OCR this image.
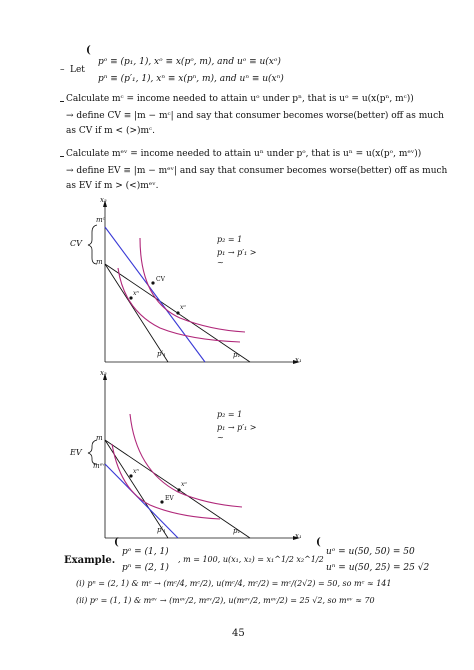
(
– Let
pᵒ ≡ (p₁, 1), xᵒ ≡ x(pᵒ, m), and uᵒ ≡ u(xᵒ)
pⁿ ≡ (p′₁, 1), xⁿ ≡ x(pⁿ, m), and uⁿ ≡ u(xⁿ)
Calculate mᶜ = income needed to attain uᵒ under pⁿ, that is uᵒ = u(x(pⁿ, mᶜ))
→ define CV ≡ |m − mᶜ| and say that consumer becomes worse(better) off as much
as CV if m < (>)mᶜ.
Calculate mᵉᵛ = income needed to attain uⁿ under pᵒ, that is uⁿ = u(x(pᵒ, mᵉᵛ))
→ define EV ≡ |m − mᵉᵛ| and say that consumer becomes worse(better) off as much
as EV if m > (<)mᵉᵛ.
x₂
x₁
mᶜ
m
CV
CV
xⁿ
xᵒ
p′₁	p₁
p₂ = 1
p₁ → p′₁ >
~
x₂
x₁
m
mᵉᵛ
EV
EV
xⁿ
xᵒ
p′₁	p₁
p₂ = 1
p₁ → p′₁ >
~
(	(
Example.
pᵒ = (1, 1)
pⁿ = (2, 1)
, m = 100, u(x₁, x₂) = x₁^1/2 x₂^1/2
uᵒ = u(50, 50) = 50
uⁿ = u(50, 25) = 25 √2
(i) pⁿ = (2, 1) & mᶜ → (mᶜ/4, mᶜ/2), u(mᶜ/4, mᶜ/2) = mᶜ/(2√2) = 50, so mᶜ ≈ 141
(ii) pᵒ = (1, 1) & mᵉᵛ → (mᵉᵛ/2, mᵉᵛ/2), u(mᵉᵛ/2, mᵉᵛ/2) = 25 √2, so mᵉᵛ ≈ 70
45
